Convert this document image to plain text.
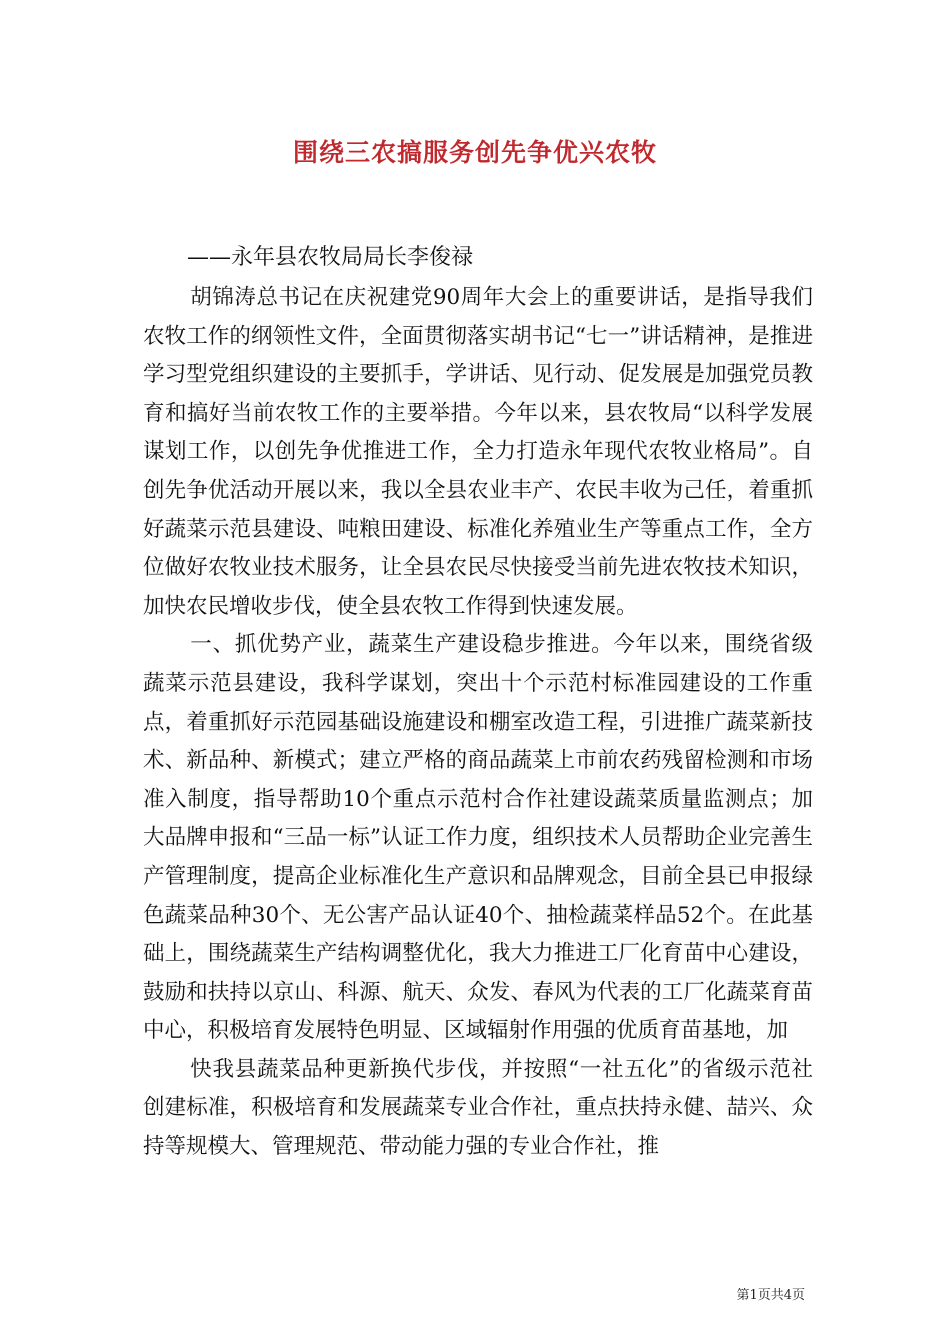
围绕三农搞服务创先争优兴农牧

——永年县农牧局局长李俊禄

胡锦涛总书记在庆祝建党90周年大会上的重要讲话，是指导我们农牧工作的纲领性文件，全面贯彻落实胡书记“七一”讲话精神，是推进学习型党组织建设的主要抓手，学讲话、见行动、促发展是加强党员教育和搞好当前农牧工作的主要举措。今年以来，县农牧局“以科学发展谋划工作，以创先争优推进工作，全力打造永年现代农牧业格局”。自创先争优活动开展以来，我以全县农业丰产、农民丰收为己任，着重抓好蔬菜示范县建设、吨粮田建设、标准化养殖业生产等重点工作，全方位做好农牧业技术服务，让全县农民尽快接受当前先进农牧技术知识，加快农民增收步伐，使全县农牧工作得到快速发展。

一、抓优势产业，蔬菜生产建设稳步推进。今年以来，围绕省级蔬菜示范县建设，我科学谋划，突出十个示范村标准园建设的工作重点，着重抓好示范园基础设施建设和棚室改造工程，引进推广蔬菜新技术、新品种、新模式；建立严格的商品蔬菜上市前农药残留检测和市场准入制度，指导帮助10个重点示范村合作社建设蔬菜质量监测点；加大品牌申报和“三品一标”认证工作力度，组织技术人员帮助企业完善生产管理制度，提高企业标准化生产意识和品牌观念，目前全县已申报绿色蔬菜品种30个、无公害产品认证40个、抽检蔬菜样品52个。在此基础上，围绕蔬菜生产结构调整优化，我大力推进工厂化育苗中心建设，鼓励和扶持以京山、科源、航天、众发、春风为代表的工厂化蔬菜育苗中心，积极培育发展特色明显、区域辐射作用强的优质育苗基地，加

快我县蔬菜品种更新换代步伐，并按照“一社五化”的省级示范社创建标准，积极培育和发展蔬菜专业合作社，重点扶持永健、喆兴、众持等规模大、管理规范、带动能力强的专业合作社，推

第1页共4页
